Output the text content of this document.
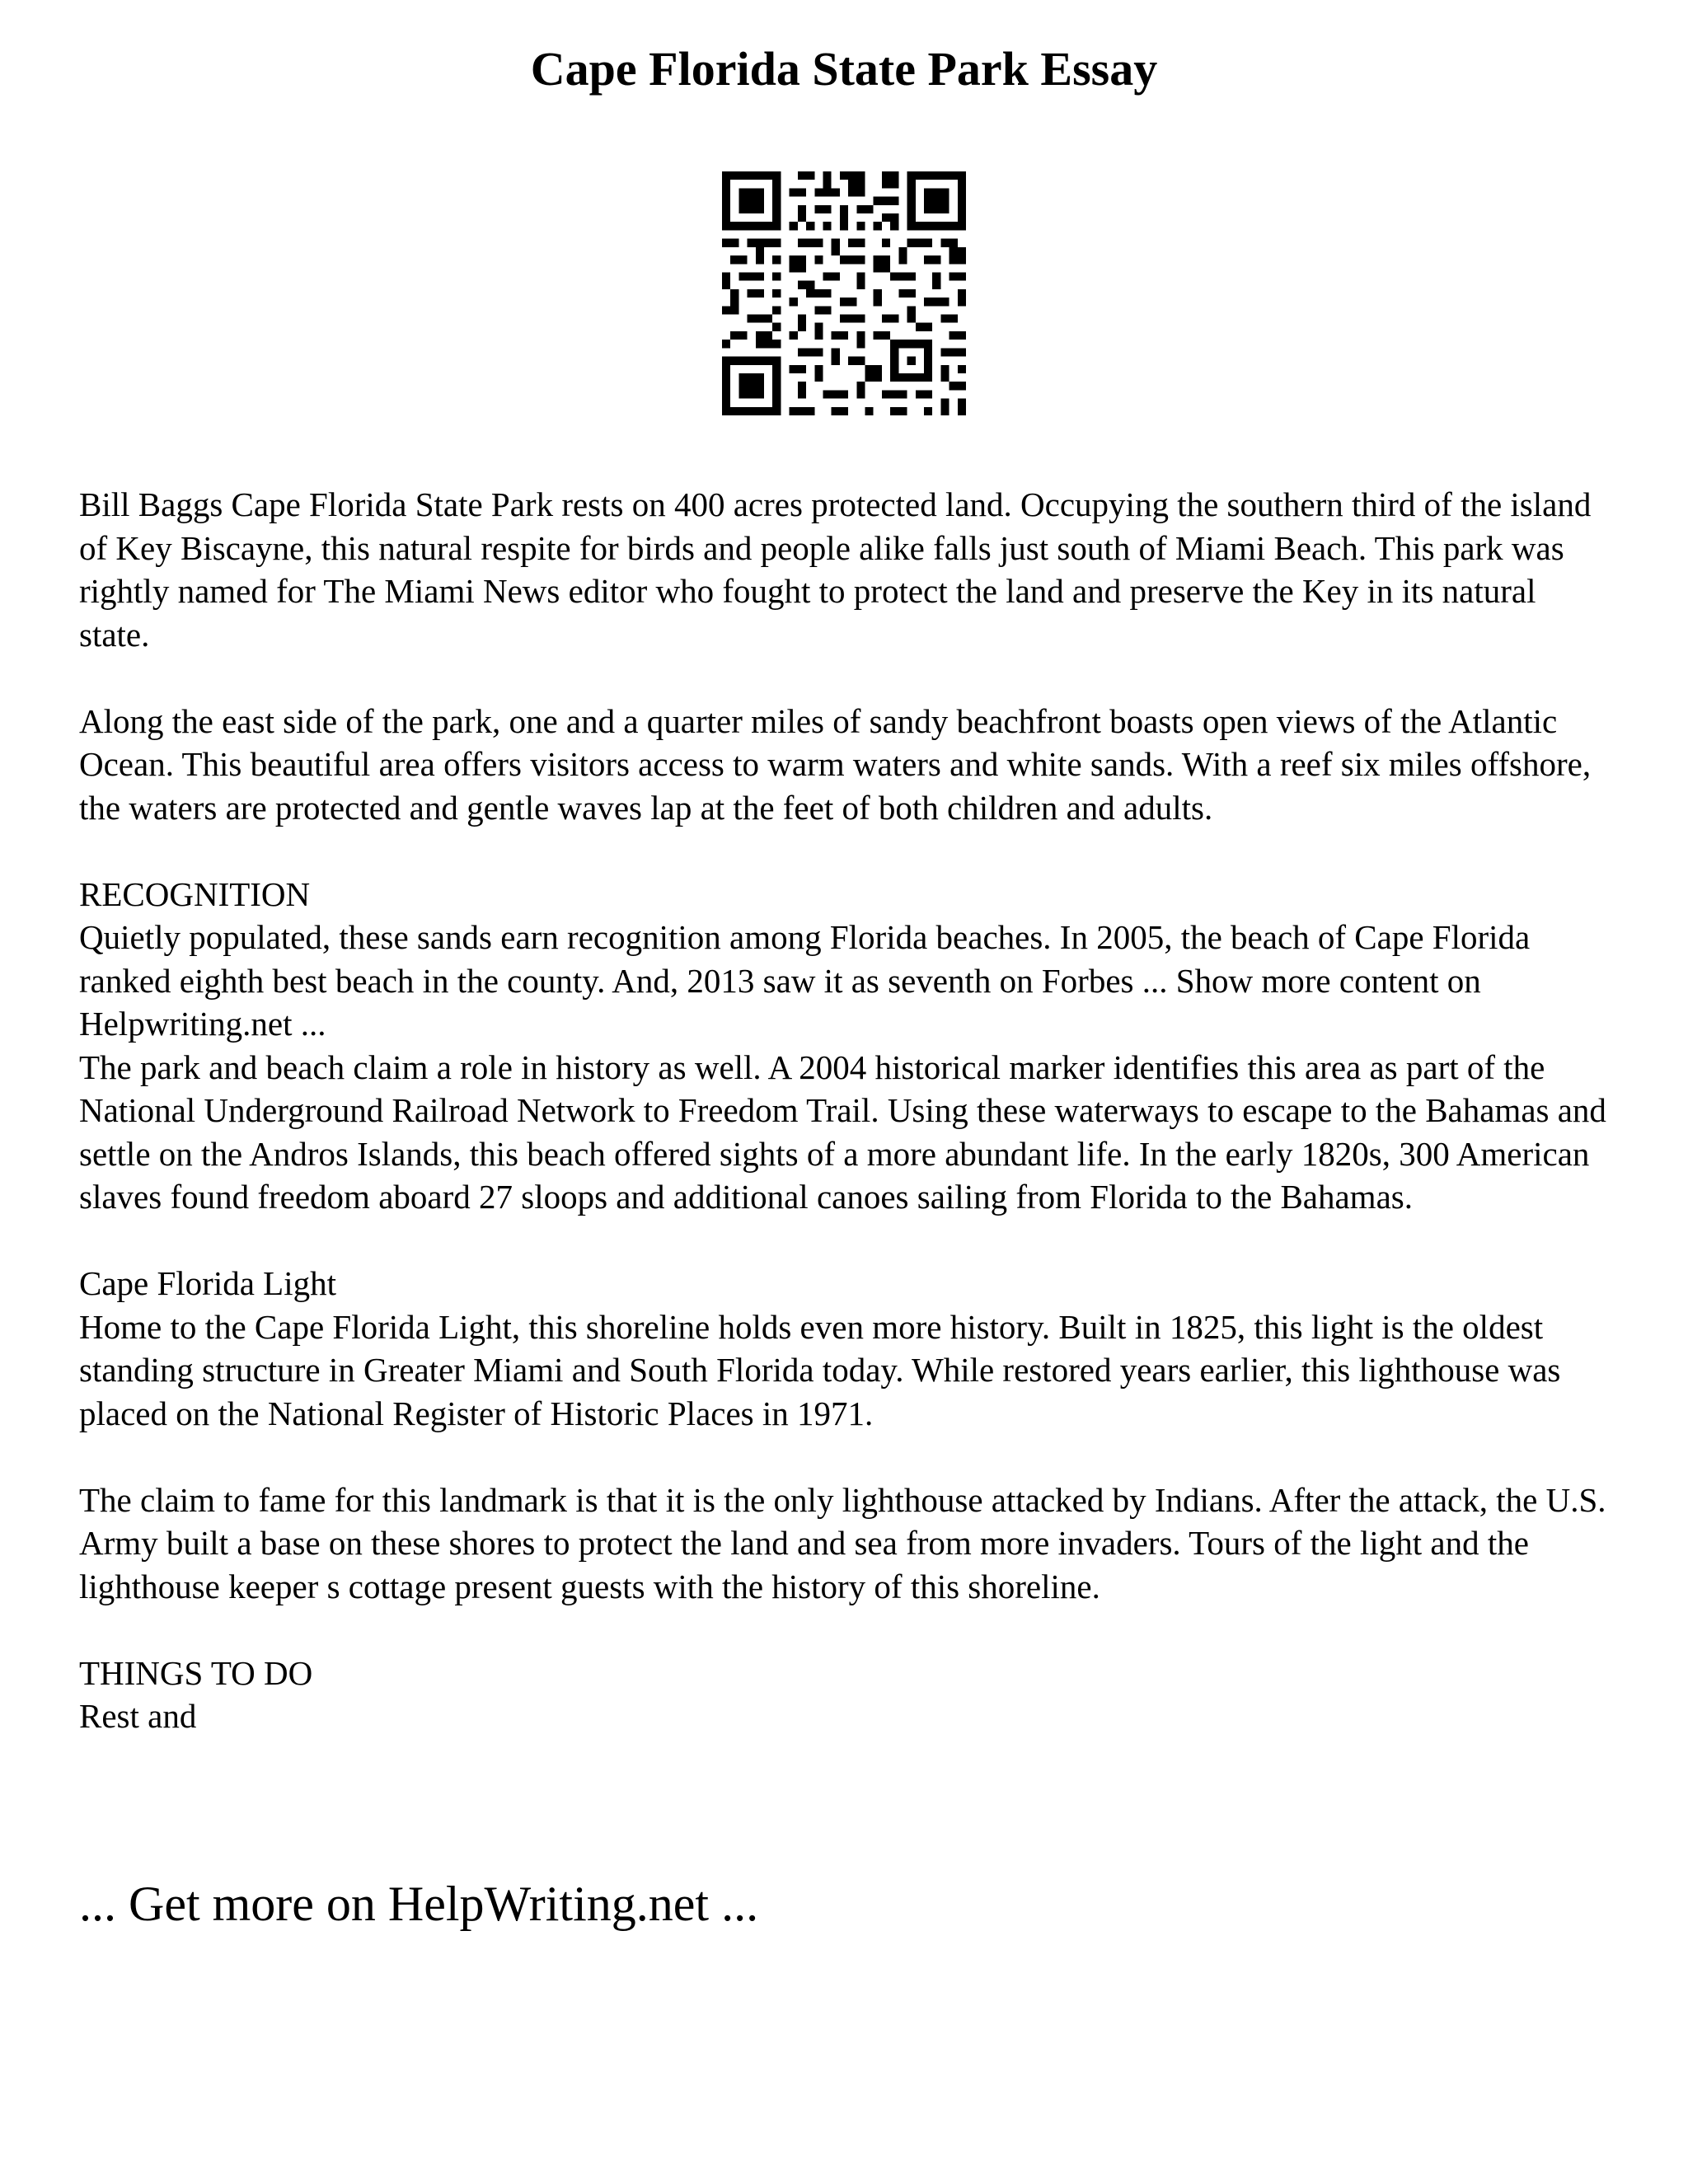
Cape Florida State Park Essay

Bill Baggs Cape Florida State Park rests on 400 acres protected land. Occupying the southern third of the island of Key Biscayne, this natural respite for birds and people alike falls just south of Miami Beach. This park was rightly named for The Miami News editor who fought to protect the land and preserve the Key in its natural state.

Along the east side of the park, one and a quarter miles of sandy beachfront boasts open views of the Atlantic Ocean. This beautiful area offers visitors access to warm waters and white sands. With a reef six miles offshore, the waters are protected and gentle waves lap at the feet of both children and adults.

RECOGNITION

Quietly populated, these sands earn recognition among Florida beaches. In 2005, the beach of Cape Florida ranked eighth best beach in the county. And, 2013 saw it as seventh on Forbes ... Show more content on Helpwriting.net ...

The park and beach claim a role in history as well. A 2004 historical marker identifies this area as part of the National Underground Railroad Network to Freedom Trail. Using these waterways to escape to the Bahamas and settle on the Andros Islands, this beach offered sights of a more abundant life. In the early 1820s, 300 American slaves found freedom aboard 27 sloops and additional canoes sailing from Florida to the Bahamas.

Cape Florida Light

Home to the Cape Florida Light, this shoreline holds even more history. Built in 1825, this light is the oldest standing structure in Greater Miami and South Florida today. While restored years earlier, this lighthouse was placed on the National Register of Historic Places in 1971.

The claim to fame for this landmark is that it is the only lighthouse attacked by Indians. After the attack, the U.S. Army built a base on these shores to protect the land and sea from more invaders. Tours of the light and the lighthouse keeper s cottage present guests with the history of this shoreline.

THINGS TO DO

Rest and

... Get more on HelpWriting.net ...
